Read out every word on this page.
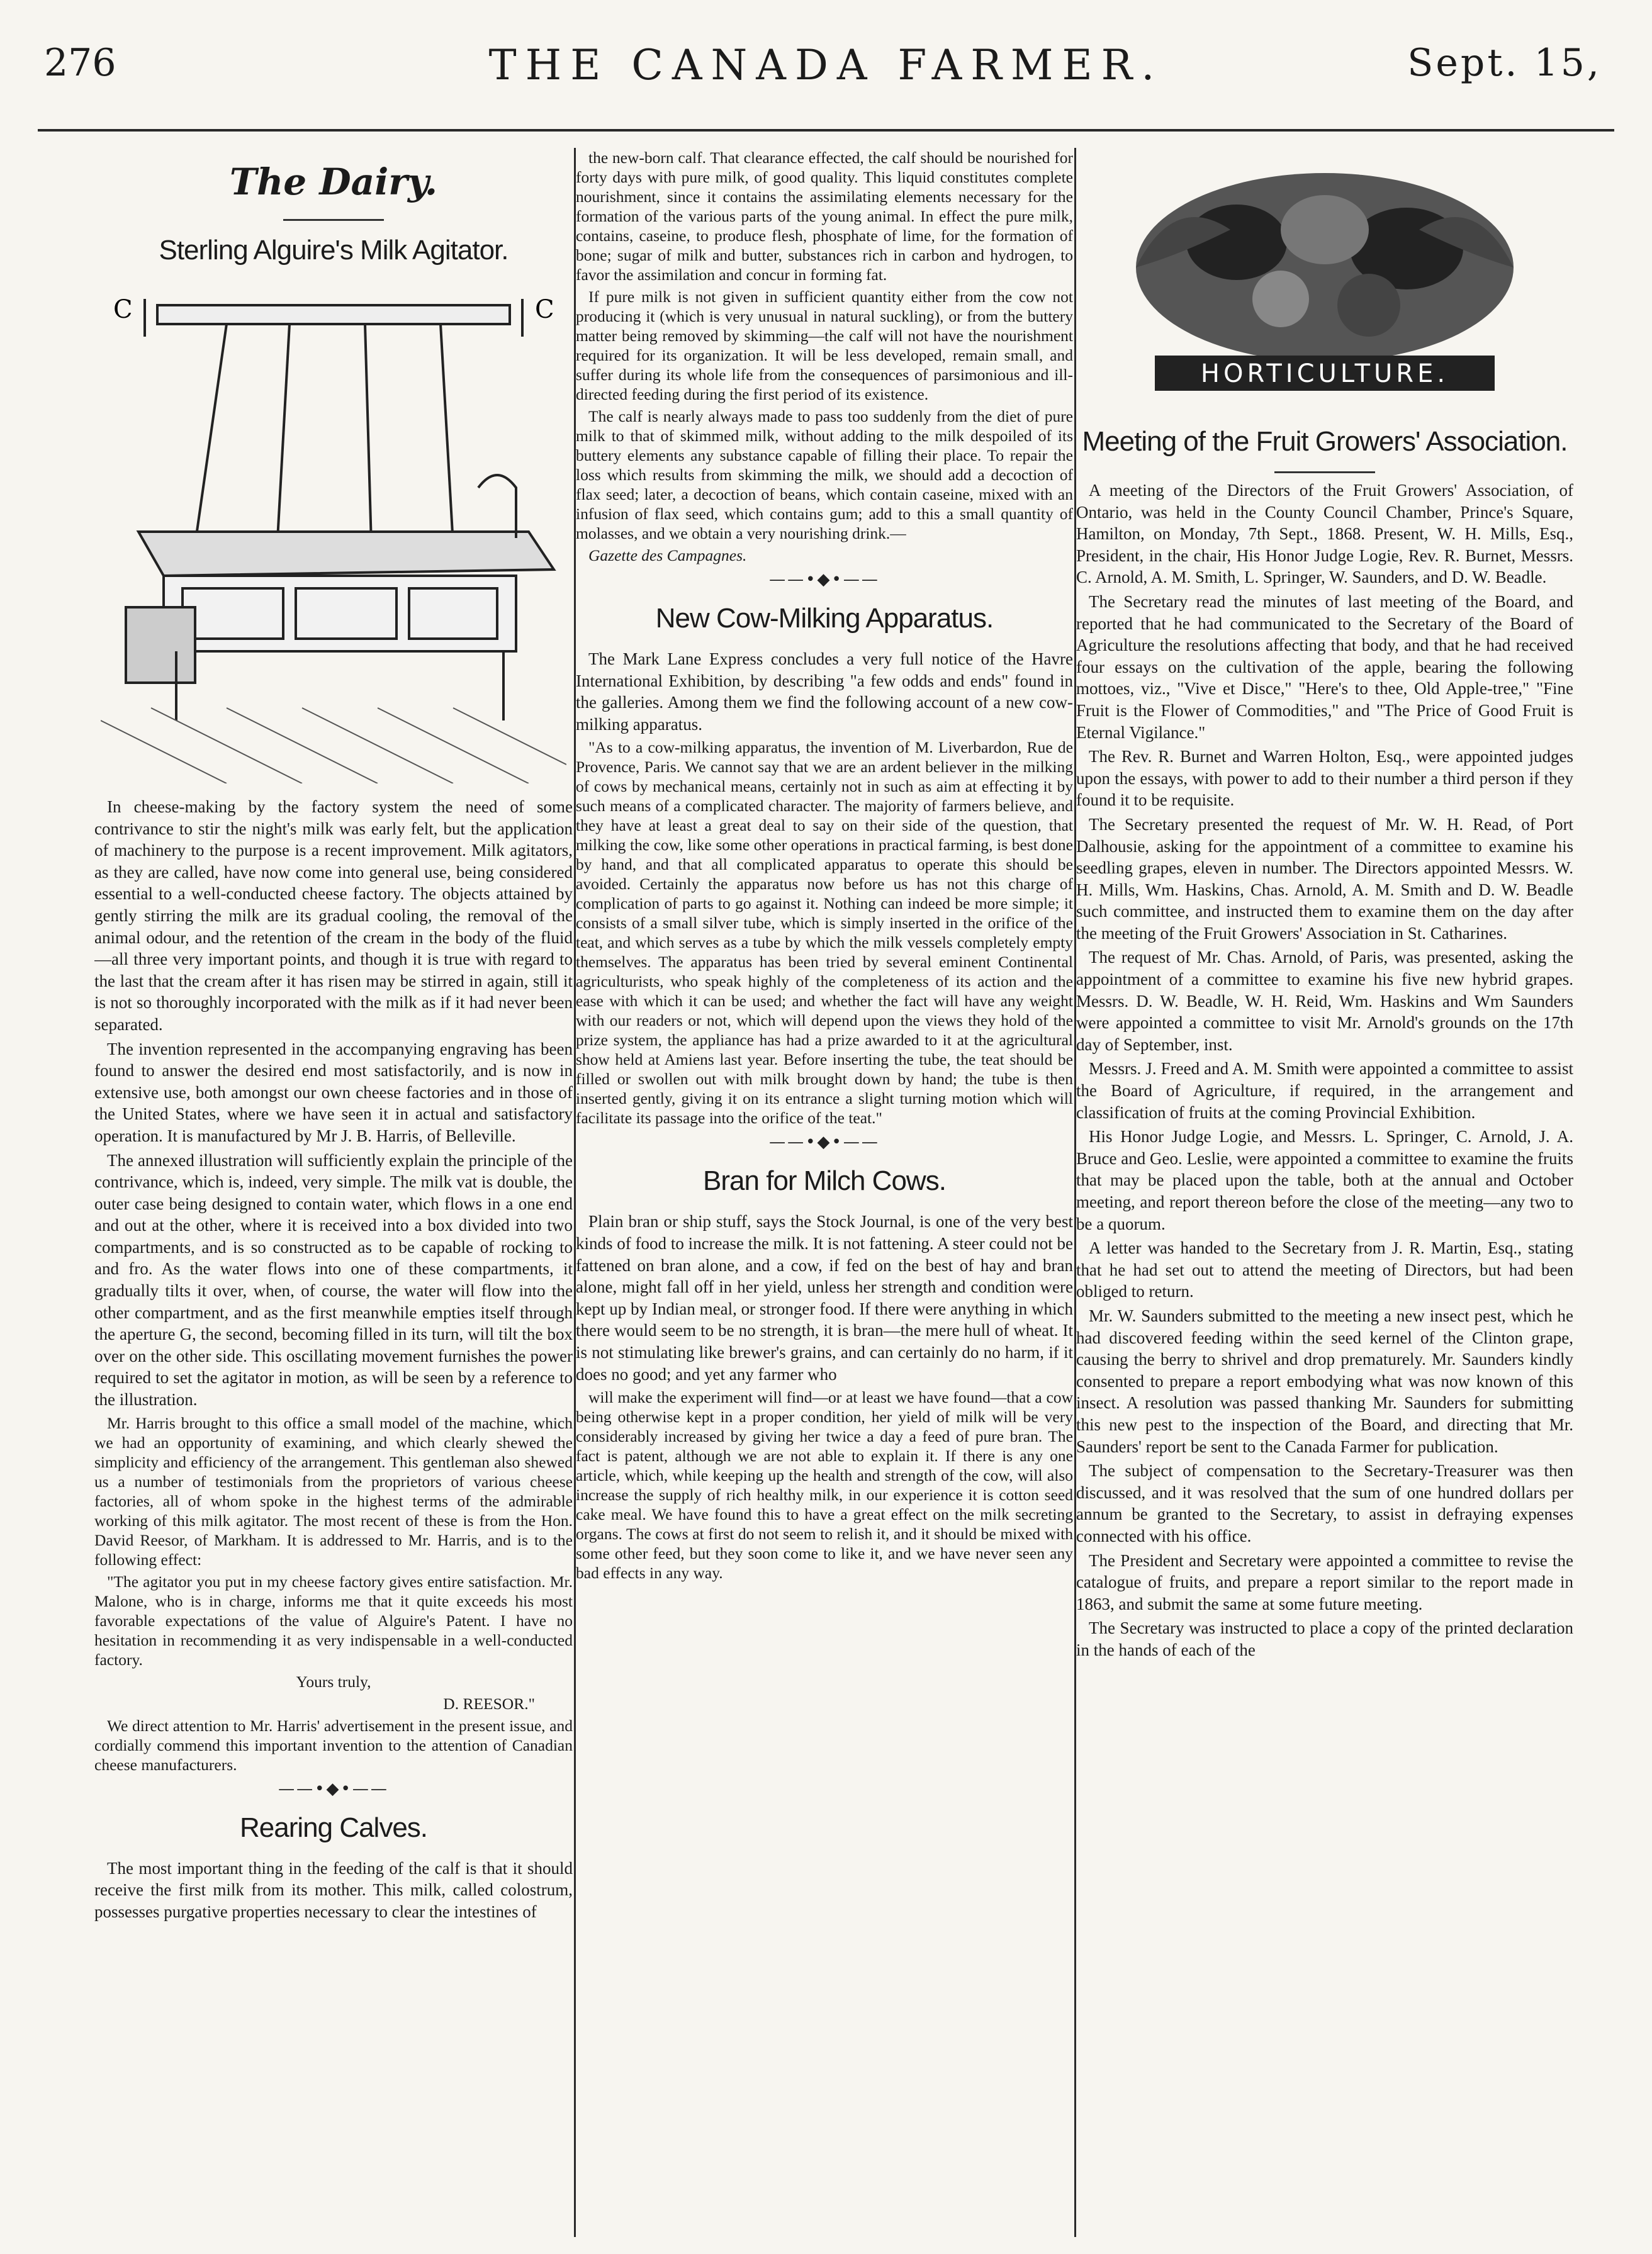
276	THE CANADA FARMER.	Sept. 15,
The Dairy.
Sterling Alguire's Milk Agitator.
C	C

In cheese-making by the factory system the need of some contrivance to stir the night's milk was early felt, but the application of machinery to the purpose is a recent improvement. Milk agitators, as they are called, have now come into general use, being considered essential to a well-conducted cheese factory. The objects attained by gently stirring the milk are its gradual cooling, the removal of the animal odour, and the retention of the cream in the body of the fluid—all three very important points, and though it is true with regard to the last that the cream after it has risen may be stirred in again, still it is not so thoroughly incorporated with the milk as if it had never been separated.

The invention represented in the accompanying engraving has been found to answer the desired end most satisfactorily, and is now in extensive use, both amongst our own cheese factories and in those of the United States, where we have seen it in actual and satisfactory operation. It is manufactured by Mr J. B. Harris, of Belleville.

The annexed illustration will sufficiently explain the principle of the contrivance, which is, indeed, very simple. The milk vat is double, the outer case being designed to contain water, which flows in a one end and out at the other, where it is received into a box divided into two compartments, and is so constructed as to be capable of rocking to and fro. As the water flows into one of these compartments, it gradually tilts it over, when, of course, the water will flow into the other compartment, and as the first meanwhile empties itself through the aperture G, the second, becoming filled in its turn, will tilt the box over on the other side. This oscillating movement furnishes the power required to set the agitator in motion, as will be seen by a reference to the illustration.

Mr. Harris brought to this office a small model of the machine, which we had an opportunity of examining, and which clearly shewed the simplicity and efficiency of the arrangement. This gentleman also shewed us a number of testimonials from the proprietors of various cheese factories, all of whom spoke in the highest terms of the admirable working of this milk agitator. The most recent of these is from the Hon. David Reesor, of Markham. It is addressed to Mr. Harris, and is to the following effect:

"The agitator you put in my cheese factory gives entire satisfaction. Mr. Malone, who is in charge, informs me that it quite exceeds his most favorable expectations of the value of Alguire's Patent. I have no hesitation in recommending it as very indispensable in a well-conducted factory.

Yours truly,

D. REESOR."

We direct attention to Mr. Harris' advertisement in the present issue, and cordially commend this important invention to the attention of Canadian cheese manufacturers.

——•◆•——
Rearing Calves.

The most important thing in the feeding of the calf is that it should receive the first milk from its mother. This milk, called colostrum, possesses purgative properties necessary to clear the intestines of

the new-born calf. That clearance effected, the calf should be nourished for forty days with pure milk, of good quality. This liquid constitutes complete nourishment, since it contains the assimilating elements necessary for the formation of the various parts of the young animal. In effect the pure milk, contains, caseine, to produce flesh, phosphate of lime, for the formation of bone; sugar of milk and butter, substances rich in carbon and hydrogen, to favor the assimilation and concur in forming fat.

If pure milk is not given in sufficient quantity either from the cow not producing it (which is very unusual in natural suckling), or from the buttery matter being removed by skimming—the calf will not have the nourishment required for its organization. It will be less developed, remain small, and suffer during its whole life from the consequences of parsimonious and ill-directed feeding during the first period of its existence.

The calf is nearly always made to pass too suddenly from the diet of pure milk to that of skimmed milk, without adding to the milk despoiled of its buttery elements any substance capable of filling their place. To repair the loss which results from skimming the milk, we should add a decoction of flax seed; later, a decoction of beans, which contain caseine, mixed with an infusion of flax seed, which contains gum; add to this a small quantity of molasses, and we obtain a very nourishing drink.—

Gazette des Campagnes.

——•◆•——
New Cow-Milking Apparatus.

The Mark Lane Express concludes a very full notice of the Havre International Exhibition, by describing "a few odds and ends" found in the galleries. Among them we find the following account of a new cow-milking apparatus.

"As to a cow-milking apparatus, the invention of M. Liverbardon, Rue de Provence, Paris. We cannot say that we are an ardent believer in the milking of cows by mechanical means, certainly not in such as aim at effecting it by such means of a complicated character. The majority of farmers believe, and they have at least a great deal to say on their side of the question, that milking the cow, like some other operations in practical farming, is best done by hand, and that all complicated apparatus to operate this should be avoided. Certainly the apparatus now before us has not this charge of complication of parts to go against it. Nothing can indeed be more simple; it consists of a small silver tube, which is simply inserted in the orifice of the teat, and which serves as a tube by which the milk vessels completely empty themselves. The apparatus has been tried by several eminent Continental agriculturists, who speak highly of the completeness of its action and the ease with which it can be used; and whether the fact will have any weight with our readers or not, which will depend upon the views they hold of the prize system, the appliance has had a prize awarded to it at the agricultural show held at Amiens last year. Before inserting the tube, the teat should be filled or swollen out with milk brought down by hand; the tube is then inserted gently, giving it on its entrance a slight turning motion which will facilitate its passage into the orifice of the teat."

——•◆•——
Bran for Milch Cows.

Plain bran or ship stuff, says the Stock Journal, is one of the very best kinds of food to increase the milk. It is not fattening. A steer could not be fattened on bran alone, and a cow, if fed on the best of hay and bran alone, might fall off in her yield, unless her strength and condition were kept up by Indian meal, or stronger food. If there were anything in which there would seem to be no strength, it is bran—the mere hull of wheat. It is not stimulating like brewer's grains, and can certainly do no harm, if it does no good; and yet any farmer who

will make the experiment will find—or at least we have found—that a cow being otherwise kept in a proper condition, her yield of milk will be very considerably increased by giving her twice a day a feed of pure bran. The fact is patent, although we are not able to explain it. If there is any one article, which, while keeping up the health and strength of the cow, will also increase the supply of rich healthy milk, in our experience it is cotton seed cake meal. We have found this to have a great effect on the milk secreting organs. The cows at first do not seem to relish it, and it should be mixed with some other feed, but they soon come to like it, and we have never seen any bad effects in any way.

HORTICULTURE.
Meeting of the Fruit Growers' Association.

A meeting of the Directors of the Fruit Growers' Association, of Ontario, was held in the County Council Chamber, Prince's Square, Hamilton, on Monday, 7th Sept., 1868. Present, W. H. Mills, Esq., President, in the chair, His Honor Judge Logie, Rev. R. Burnet, Messrs. C. Arnold, A. M. Smith, L. Springer, W. Saunders, and D. W. Beadle.

The Secretary read the minutes of last meeting of the Board, and reported that he had communicated to the Secretary of the Board of Agriculture the resolutions affecting that body, and that he had received four essays on the cultivation of the apple, bearing the following mottoes, viz., "Vive et Disce," "Here's to thee, Old Apple-tree," "Fine Fruit is the Flower of Commodities," and "The Price of Good Fruit is Eternal Vigilance."

The Rev. R. Burnet and Warren Holton, Esq., were appointed judges upon the essays, with power to add to their number a third person if they found it to be requisite.

The Secretary presented the request of Mr. W. H. Read, of Port Dalhousie, asking for the appointment of a committee to examine his seedling grapes, eleven in number. The Directors appointed Messrs. W. H. Mills, Wm. Haskins, Chas. Arnold, A. M. Smith and D. W. Beadle such committee, and instructed them to examine them on the day after the meeting of the Fruit Growers' Association in St. Catharines.

The request of Mr. Chas. Arnold, of Paris, was presented, asking the appointment of a committee to examine his five new hybrid grapes. Messrs. D. W. Beadle, W. H. Reid, Wm. Haskins and Wm Saunders were appointed a committee to visit Mr. Arnold's grounds on the 17th day of September, inst.

Messrs. J. Freed and A. M. Smith were appointed a committee to assist the Board of Agriculture, if required, in the arrangement and classification of fruits at the coming Provincial Exhibition.

His Honor Judge Logie, and Messrs. L. Springer, C. Arnold, J. A. Bruce and Geo. Leslie, were appointed a committee to examine the fruits that may be placed upon the table, both at the annual and October meeting, and report thereon before the close of the meeting—any two to be a quorum.

A letter was handed to the Secretary from J. R. Martin, Esq., stating that he had set out to attend the meeting of Directors, but had been obliged to return.

Mr. W. Saunders submitted to the meeting a new insect pest, which he had discovered feeding within the seed kernel of the Clinton grape, causing the berry to shrivel and drop prematurely. Mr. Saunders kindly consented to prepare a report embodying what was now known of this insect. A resolution was passed thanking Mr. Saunders for submitting this new pest to the inspection of the Board, and directing that Mr. Saunders' report be sent to the Canada Farmer for publication.

The subject of compensation to the Secretary-Treasurer was then discussed, and it was resolved that the sum of one hundred dollars per annum be granted to the Secretary, to assist in defraying expenses connected with his office.

The President and Secretary were appointed a committee to revise the catalogue of fruits, and prepare a report similar to the report made in 1863, and submit the same at some future meeting.

The Secretary was instructed to place a copy of the printed declaration in the hands of each of the
